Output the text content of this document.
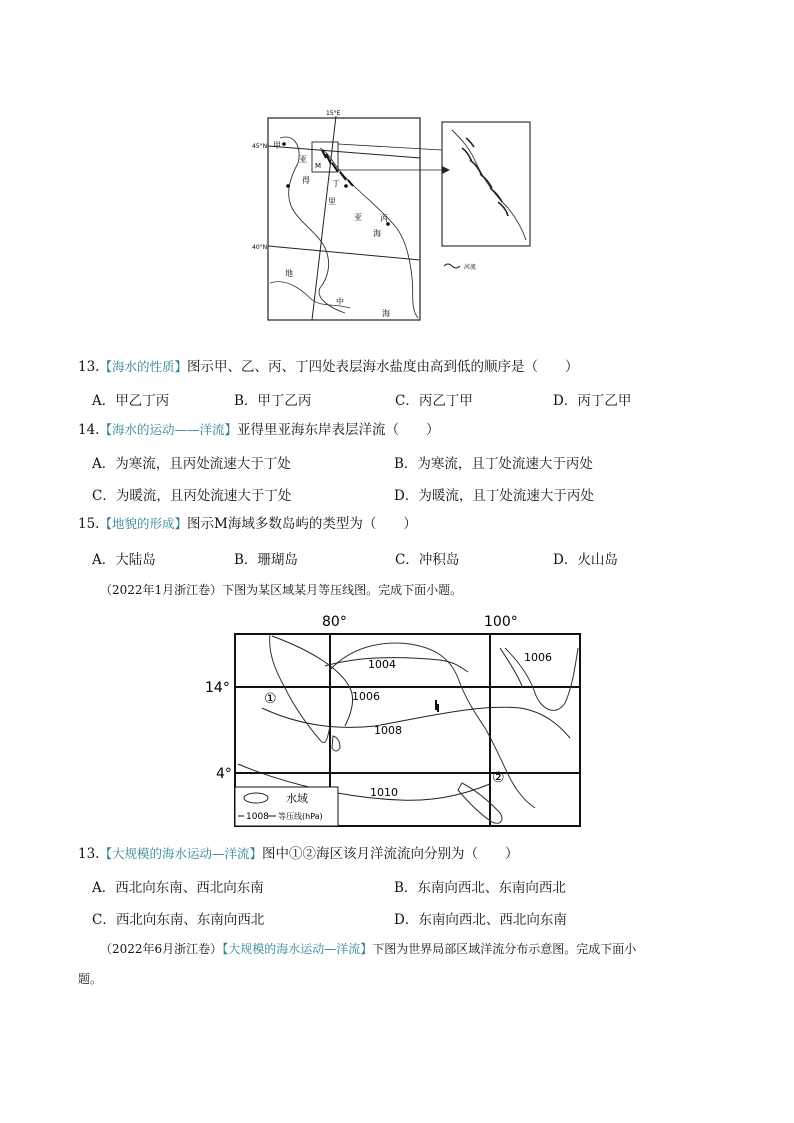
15°E
45°N
40°N
甲
亚
M
得	丁
里
亚 丙
海
地
中
海
河流
13.【海水的性质】图示甲、乙、丙、丁四处表层海水盐度由高到低的顺序是（　　）
A．甲乙丁丙	B．甲丁乙丙	C．丙乙丁甲	D．丙丁乙甲
14.【海水的运动——洋流】亚得里亚海东岸表层洋流（　　）
A．为寒流，且丙处流速大于丁处	B．为寒流，且丁处流速大于丙处
C．为暖流，且丙处流速大于丁处	D．为暖流，且丁处流速大于丙处
15.【地貌的形成】图示M海域多数岛屿的类型为（　　）
A．大陆岛	B．珊瑚岛	C．冲积岛	D．火山岛
（2022年1月浙江卷）下图为某区域某月等压线图。完成下面小题。
80°	100°
14°
4°
1004
1006
1006
1008
1010
①
②
水域
1008 等压线(hPa)
13.【大规模的海水运动—洋流】图中①②海区该月洋流流向分别为（　　）
A．西北向东南、西北向东南	B．东南向西北、东南向西北
C．西北向东南、东南向西北	D．东南向西北、西北向东南
（2022年6月浙江卷）【大规模的海水运动—洋流】下图为世界局部区域洋流分布示意图。完成下面小
题。
